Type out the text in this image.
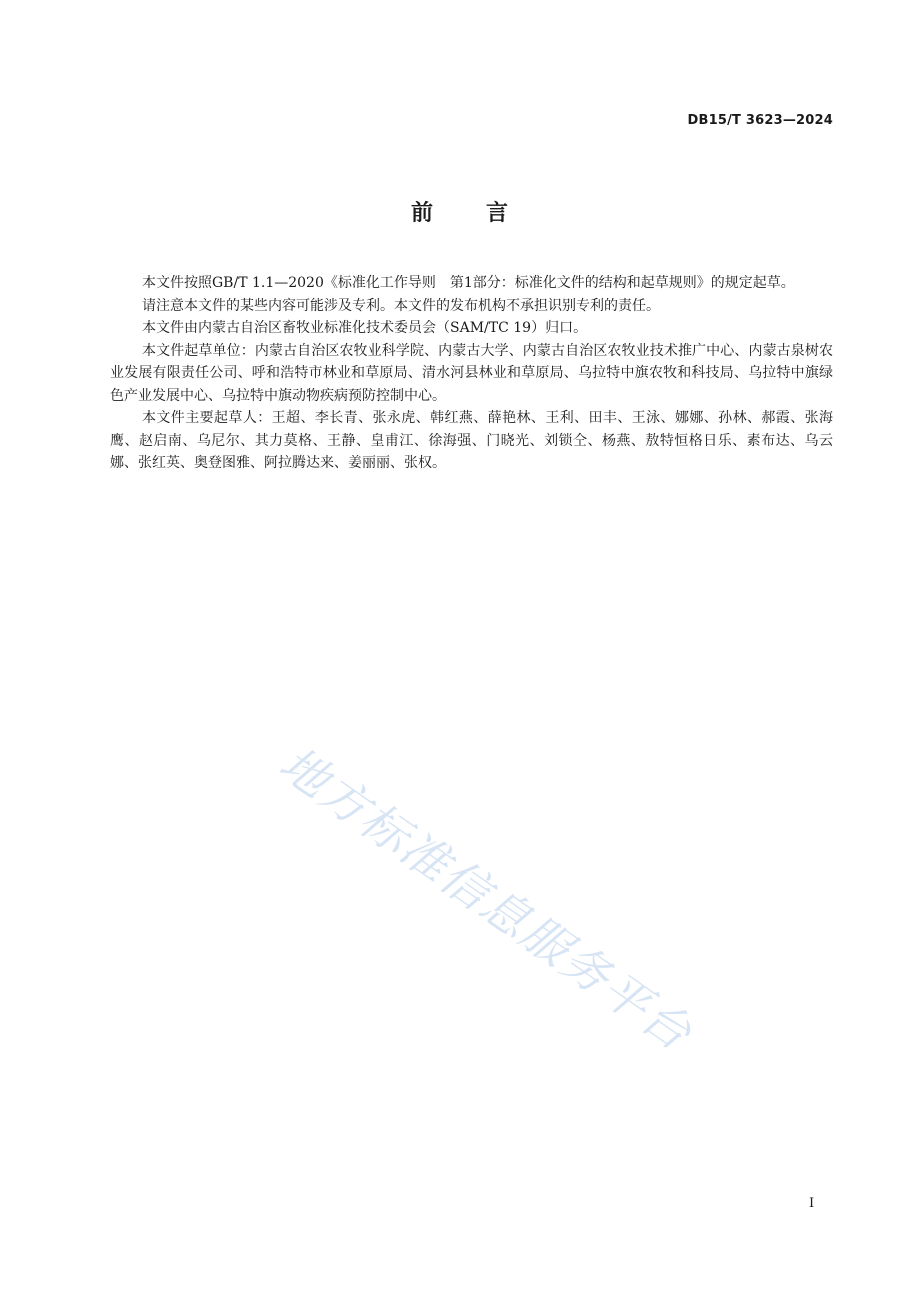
DB15/T 3623—2024
前 言

本文件按照GB/T 1.1—2020《标准化工作导则　第1部分：标准化文件的结构和起草规则》的规定起草。

请注意本文件的某些内容可能涉及专利。本文件的发布机构不承担识别专利的责任。

本文件由内蒙古自治区畜牧业标准化技术委员会（SAM/TC 19）归口。

本文件起草单位：内蒙古自治区农牧业科学院、内蒙古大学、内蒙古自治区农牧业技术推广中心、内蒙古泉树农业发展有限责任公司、呼和浩特市林业和草原局、清水河县林业和草原局、乌拉特中旗农牧和科技局、乌拉特中旗绿色产业发展中心、乌拉特中旗动物疾病预防控制中心。

本文件主要起草人：王超、李长青、张永虎、韩红燕、薛艳林、王利、田丰、王泳、娜娜、孙林、郝霞、张海鹰、赵启南、乌尼尔、其力莫格、王静、皇甫江、徐海强、门晓光、刘锁仝、杨燕、敖特恒格日乐、素布达、乌云娜、张红英、奥登图雅、阿拉腾达来、姜丽丽、张权。

地方标准信息服务平台
I
